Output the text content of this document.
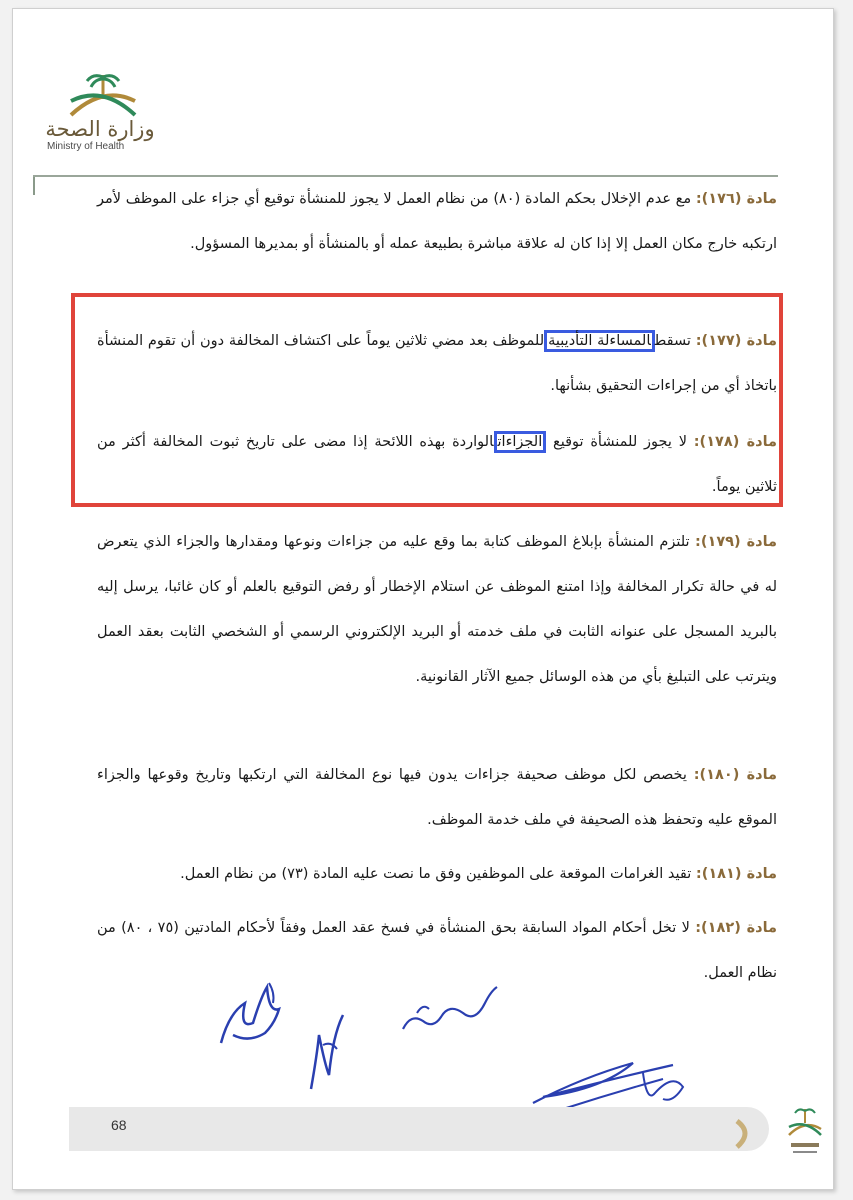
وزارة الصحة
Ministry of Health
مادة (١٧٦): مع عدم الإخلال بحكم المادة (٨٠) من نظام العمل لا يجوز للمنشأة توقيع أي جزاء على الموظف لأمر ارتكبه خارج مكان العمل إلا إذا كان له علاقة مباشرة بطبيعة عمله أو بالمنشأة أو بمديرها المسؤول.
مادة (١٧٧): تسقطالمساءلة التأديبيةللموظف بعد مضي ثلاثين يوماً على اكتشاف المخالفة دون أن تقوم المنشأة باتخاذ أي من إجراءات التحقيق بشأنها.
مادة (١٧٨): لا يجوز للمنشأة توقيع الجزاءاتالواردة بهذه اللائحة إذا مضى على تاريخ ثبوت المخالفة أكثر من ثلاثين يوماً.
مادة (١٧٩): تلتزم المنشأة بإبلاغ الموظف كتابة بما وقع عليه من جزاءات ونوعها ومقدارها والجزاء الذي يتعرض له في حالة تكرار المخالفة وإذا امتنع الموظف عن استلام الإخطار أو رفض التوقيع بالعلم أو كان غائبا، يرسل إليه بالبريد المسجل على عنوانه الثابت في ملف خدمته أو البريد الإلكتروني الرسمي أو الشخصي الثابت بعقد العمل ويترتب على التبليغ بأي من هذه الوسائل جميع الآثار القانونية.
مادة (١٨٠): يخصص لكل موظف صحيفة جزاءات يدون فيها نوع المخالفة التي ارتكبها وتاريخ وقوعها والجزاء الموقع عليه وتحفظ هذه الصحيفة في ملف خدمة الموظف.
مادة (١٨١): تقيد الغرامات الموقعة على الموظفين وفق ما نصت عليه المادة (٧٣) من نظام العمل.
مادة (١٨٢): لا تخل أحكام المواد السابقة بحق المنشأة في فسخ عقد العمل وفقاً لأحكام المادتين (٧٥ ، ٨٠) من نظام العمل.
68
